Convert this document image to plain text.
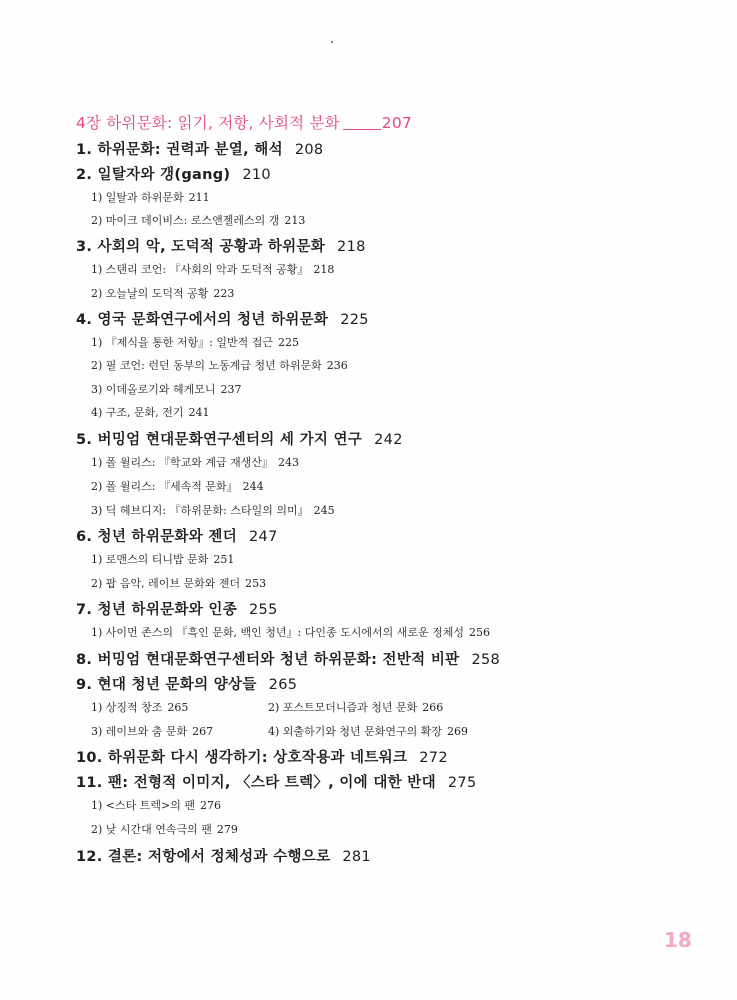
4장 하위문화: 읽기, 저항, 사회적 분화	207
1. 하위문화: 권력과 분열, 해석 208
2. 일탈자와 갱(gang) 210
1) 일탈과 하위문화 211
2) 마이크 데이비스: 로스앤젤레스의 갱 213
3. 사회의 악, 도덕적 공황과 하위문화 218
1) 스탠리 코언: 『사회의 악과 도덕적 공황』 218
2) 오늘날의 도덕적 공황 223
4. 영국 문화연구에서의 청년 하위문화 225
1) 『제식을 통한 저항』: 일반적 접근 225
2) 필 코언: 런던 동부의 노동계급 청년 하위문화 236
3) 이데올로기와 헤게모니 237
4) 구조, 문화, 전기 241
5. 버밍엄 현대문화연구센터의 세 가지 연구 242
1) 폴 윌리스: 『학교와 계급 재생산』 243
2) 폴 윌리스: 『세속적 문화』 244
3) 딕 헤브디지: 『하위문화: 스타일의 의미』 245
6. 청년 하위문화와 젠더 247
1) 로맨스의 티니밥 문화 251
2) 팝 음악, 레이브 문화와 젠더 253
7. 청년 하위문화와 인종 255
1) 사이먼 존스의 『흑인 문화, 백인 청년』: 다인종 도시에서의 새로운 정체성 256
8. 버밍엄 현대문화연구센터와 청년 하위문화: 전반적 비판 258
9. 현대 청년 문화의 양상들 265
1) 상징적 창조 265	2) 포스트모더니즘과 청년 문화 266
3) 레이브와 춤 문화 267	4) 외출하기와 청년 문화연구의 확장 269
10. 하위문화 다시 생각하기: 상호작용과 네트워크 272
11. 팬: 전형적 이미지, 〈스타 트렉〉, 이에 대한 반대 275
1) <스타 트렉>의 팬 276
2) 낮 시간대 연속극의 팬 279
12. 결론: 저항에서 정체성과 수행으로 281
18
